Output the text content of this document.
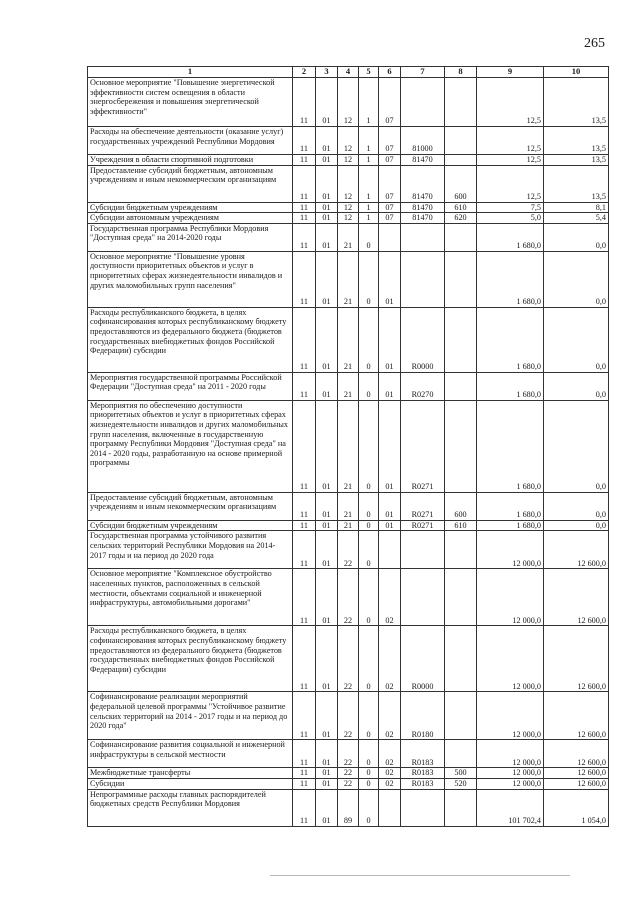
265
1	2	3	4	5	6	7	8	9	10
Основное мероприятие "Повышение энергетической эффективности систем освещения в области энергосбережения и повышения энергетической эффективности"	11	01	12	1	07			12,5	13,5
Расходы на обеспечение деятельности (оказание услуг) государственных учреждений Республики Мордовия	11	01	12	1	07	81000		12,5	13,5
Учреждения в области спортивной подготовки	11	01	12	1	07	81470		12,5	13,5
Предоставление субсидий бюджетным, автономным учреждениям и иным некоммерческим организациям	11	01	12	1	07	81470	600	12,5	13,5
Субсидии бюджетным учреждениям	11	01	12	1	07	81470	610	7,5	8,1
Субсидии автономным учреждениям	11	01	12	1	07	81470	620	5,0	5,4
Государственная программа Республики Мордовия "Доступная среда" на 2014-2020 годы	11	01	21	0				1 680,0	0,0
Основное мероприятие "Повышение уровня доступности приоритетных объектов и услуг в приоритетных сферах жизнедеятельности инвалидов и других маломобильных групп населения"	11	01	21	0	01			1 680,0	0,0
Расходы республиканского бюджета, в целях софинансирования которых республиканскому бюджету предоставляются из федерального бюджета (бюджетов государственных внебюджетных фондов Российской Федерации) субсидии	11	01	21	0	01	R0000		1 680,0	0,0
Мероприятия государственной программы Российской Федерации "Доступная среда" на 2011 - 2020 годы	11	01	21	0	01	R0270		1 680,0	0,0
Мероприятия по обеспечению доступности приоритетных объектов и услуг в приоритетных сферах жизнедеятельности инвалидов и других маломобильных групп населения, включенные в государственную программу Республики Мордовия "Доступная среда" на 2014 - 2020 годы, разработанную на основе примерной программы	11	01	21	0	01	R0271		1 680,0	0,0
Предоставление субсидий бюджетным, автономным учреждениям и иным некоммерческим организациям	11	01	21	0	01	R0271	600	1 680,0	0,0
Субсидии бюджетным учреждениям	11	01	21	0	01	R0271	610	1 680,0	0,0
Государственная программа устойчивого развития сельских территорий Республики Мордовия на 2014-2017 годы и на период до 2020 года	11	01	22	0				12 000,0	12 600,0
Основное мероприятие "Комплексное обустройство населенных пунктов, расположенных в сельской местности, объектами социальной и инженерной инфраструктуры, автомобильными дорогами"	11	01	22	0	02			12 000,0	12 600,0
Расходы республиканского бюджета, в целях софинансирования которых республиканскому бюджету предоставляются из федерального бюджета (бюджетов государственных внебюджетных фондов Российской Федерации) субсидии	11	01	22	0	02	R0000		12 000,0	12 600,0
Софинансирование реализации мероприятий федеральной целевой программы "Устойчивое развитие сельских территорий на 2014 - 2017 годы и на период до 2020 года"	11	01	22	0	02	R0180		12 000,0	12 600,0
Софинансирование развития социальной и инженерной инфраструктуры в сельской местности	11	01	22	0	02	R0183		12 000,0	12 600,0
Межбюджетные трансферты	11	01	22	0	02	R0183	500	12 000,0	12 600,0
Субсидии	11	01	22	0	02	R0183	520	12 000,0	12 600,0
Непрограммные расходы главных распорядителей бюджетных средств Республики Мордовия	11	01	89	0				101 702,4	1 054,0
